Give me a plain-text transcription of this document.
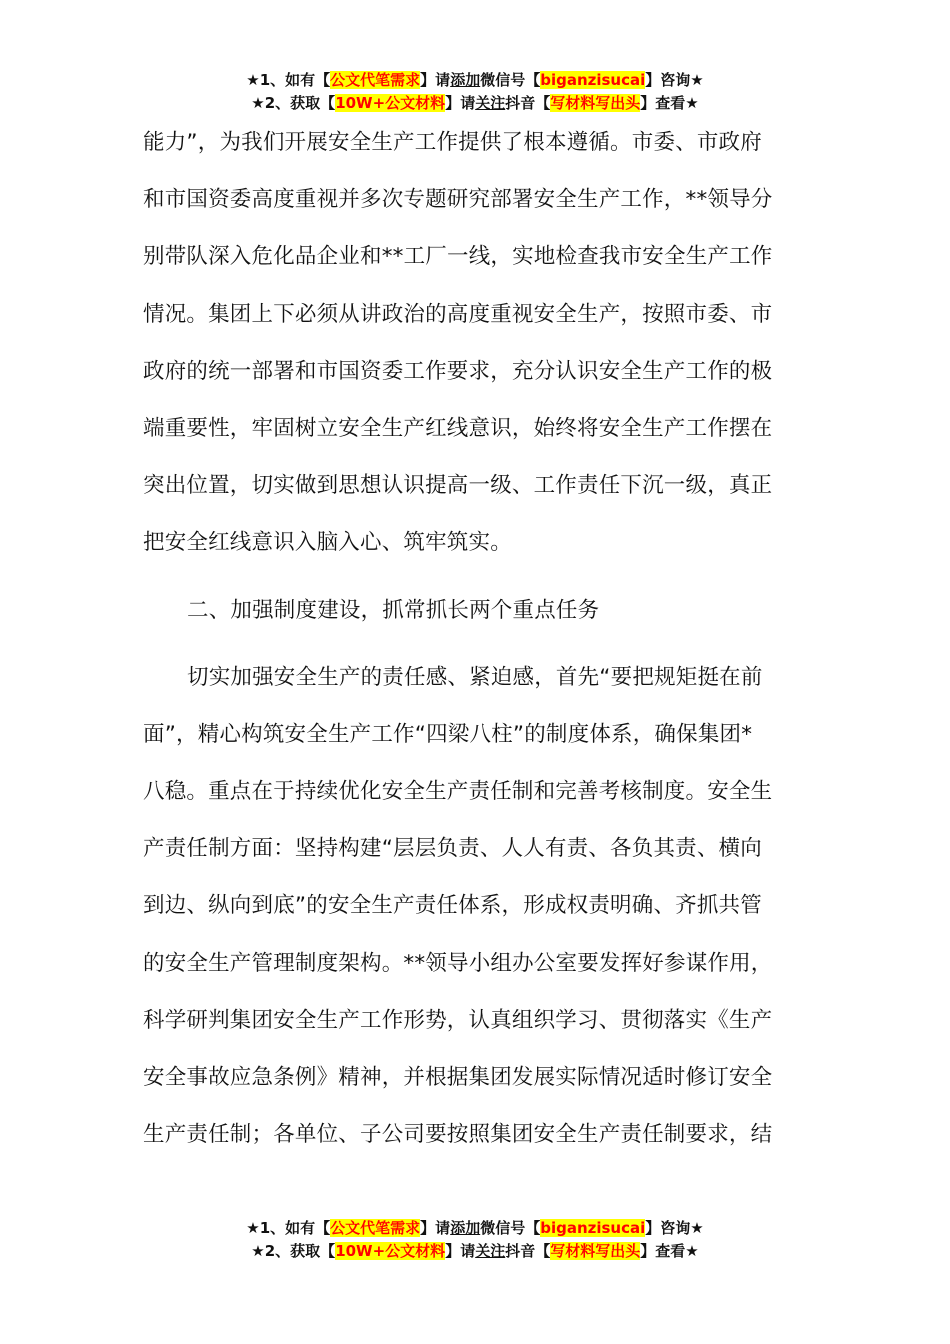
★1、如有【公文代笔需求】请添加微信号【biganzisucai】咨询★
★2、获取【10W+公文材料】请关注抖音【写材料写出头】查看★
能力”，为我们开展安全生产工作提供了根本遵循。市委、市政府
和市国资委高度重视并多次专题研究部署安全生产工作，**领导分
别带队深入危化品企业和**工厂一线，实地检查我市安全生产工作
情况。集团上下必须从讲政治的高度重视安全生产，按照市委、市
政府的统一部署和市国资委工作要求，充分认识安全生产工作的极
端重要性，牢固树立安全生产红线意识，始终将安全生产工作摆在
突出位置，切实做到思想认识提高一级、工作责任下沉一级，真正
把安全红线意识入脑入心、筑牢筑实。
二、加强制度建设，抓常抓长两个重点任务
切实加强安全生产的责任感、紧迫感，首先“要把规矩挺在前
面”，精心构筑安全生产工作“四梁八柱”的制度体系，确保集团*
八稳。重点在于持续优化安全生产责任制和完善考核制度。安全生
产责任制方面：坚持构建“层层负责、人人有责、各负其责、横向
到边、纵向到底”的安全生产责任体系，形成权责明确、齐抓共管
的安全生产管理制度架构。**领导小组办公室要发挥好参谋作用，
科学研判集团安全生产工作形势，认真组织学习、贯彻落实《生产
安全事故应急条例》精神，并根据集团发展实际情况适时修订安全
生产责任制；各单位、子公司要按照集团安全生产责任制要求，结
★1、如有【公文代笔需求】请添加微信号【biganzisucai】咨询★
★2、获取【10W+公文材料】请关注抖音【写材料写出头】查看★
